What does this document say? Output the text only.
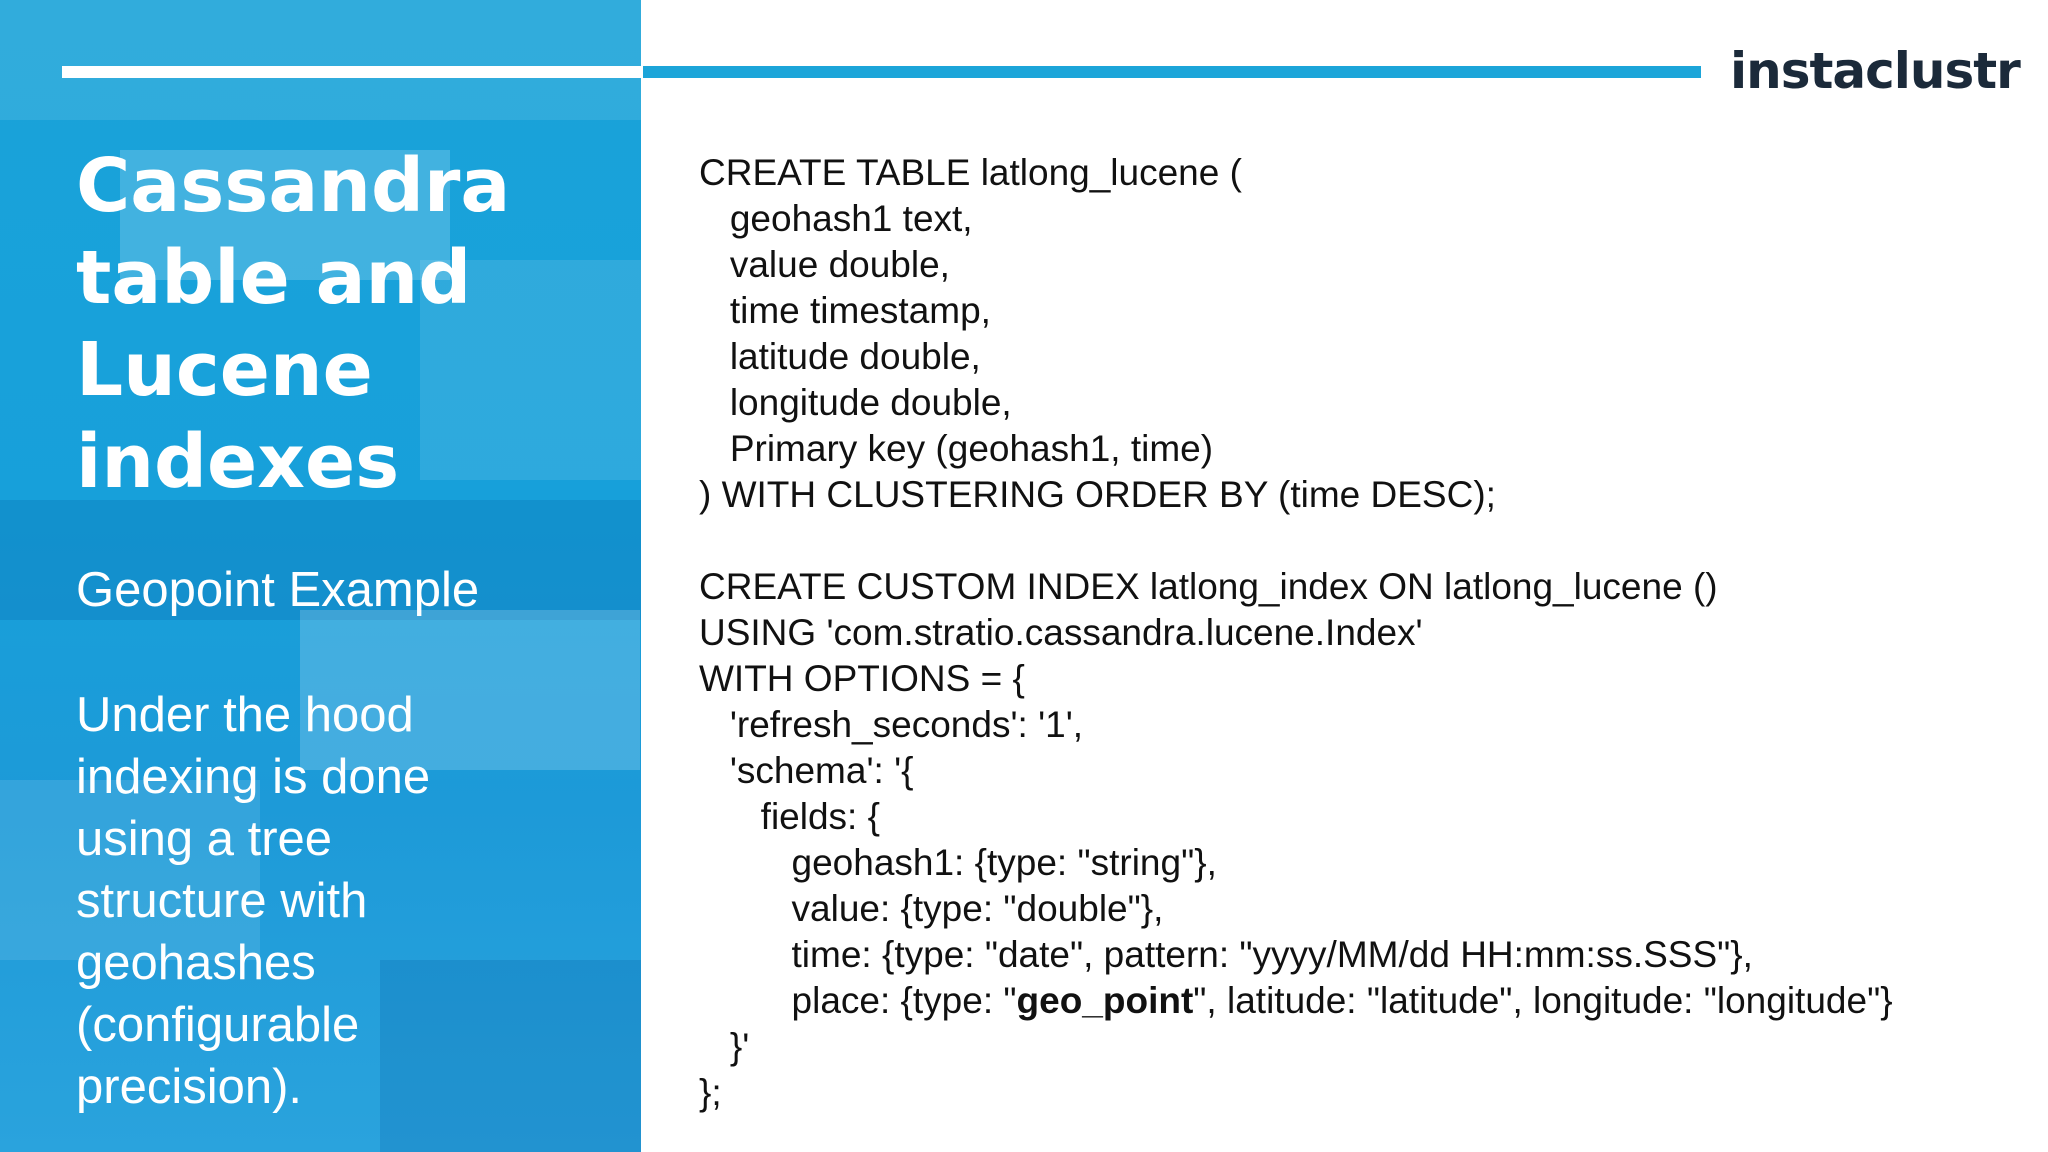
Cassandra
table and
Lucene
indexes

Geopoint Example

Under the hood
indexing is done
using a tree
structure with
geohashes
(configurable
precision).

instaclustr
CREATE TABLE latlong_lucene (
geohash1 text,
value double,
time timestamp,
latitude double,
longitude double,
Primary key (geohash1, time)
) WITH CLUSTERING ORDER BY (time DESC);
CREATE CUSTOM INDEX latlong_index ON latlong_lucene ()
USING 'com.stratio.cassandra.lucene.Index'
WITH OPTIONS = {
'refresh_seconds': '1',
'schema': '{
fields: {
geohash1: {type: "string"},
value: {type: "double"},
time: {type: "date", pattern: "yyyy/MM/dd HH:mm:ss.SSS"},
place: {type: "geo_point", latitude: "latitude", longitude: "longitude"}
}'
};
